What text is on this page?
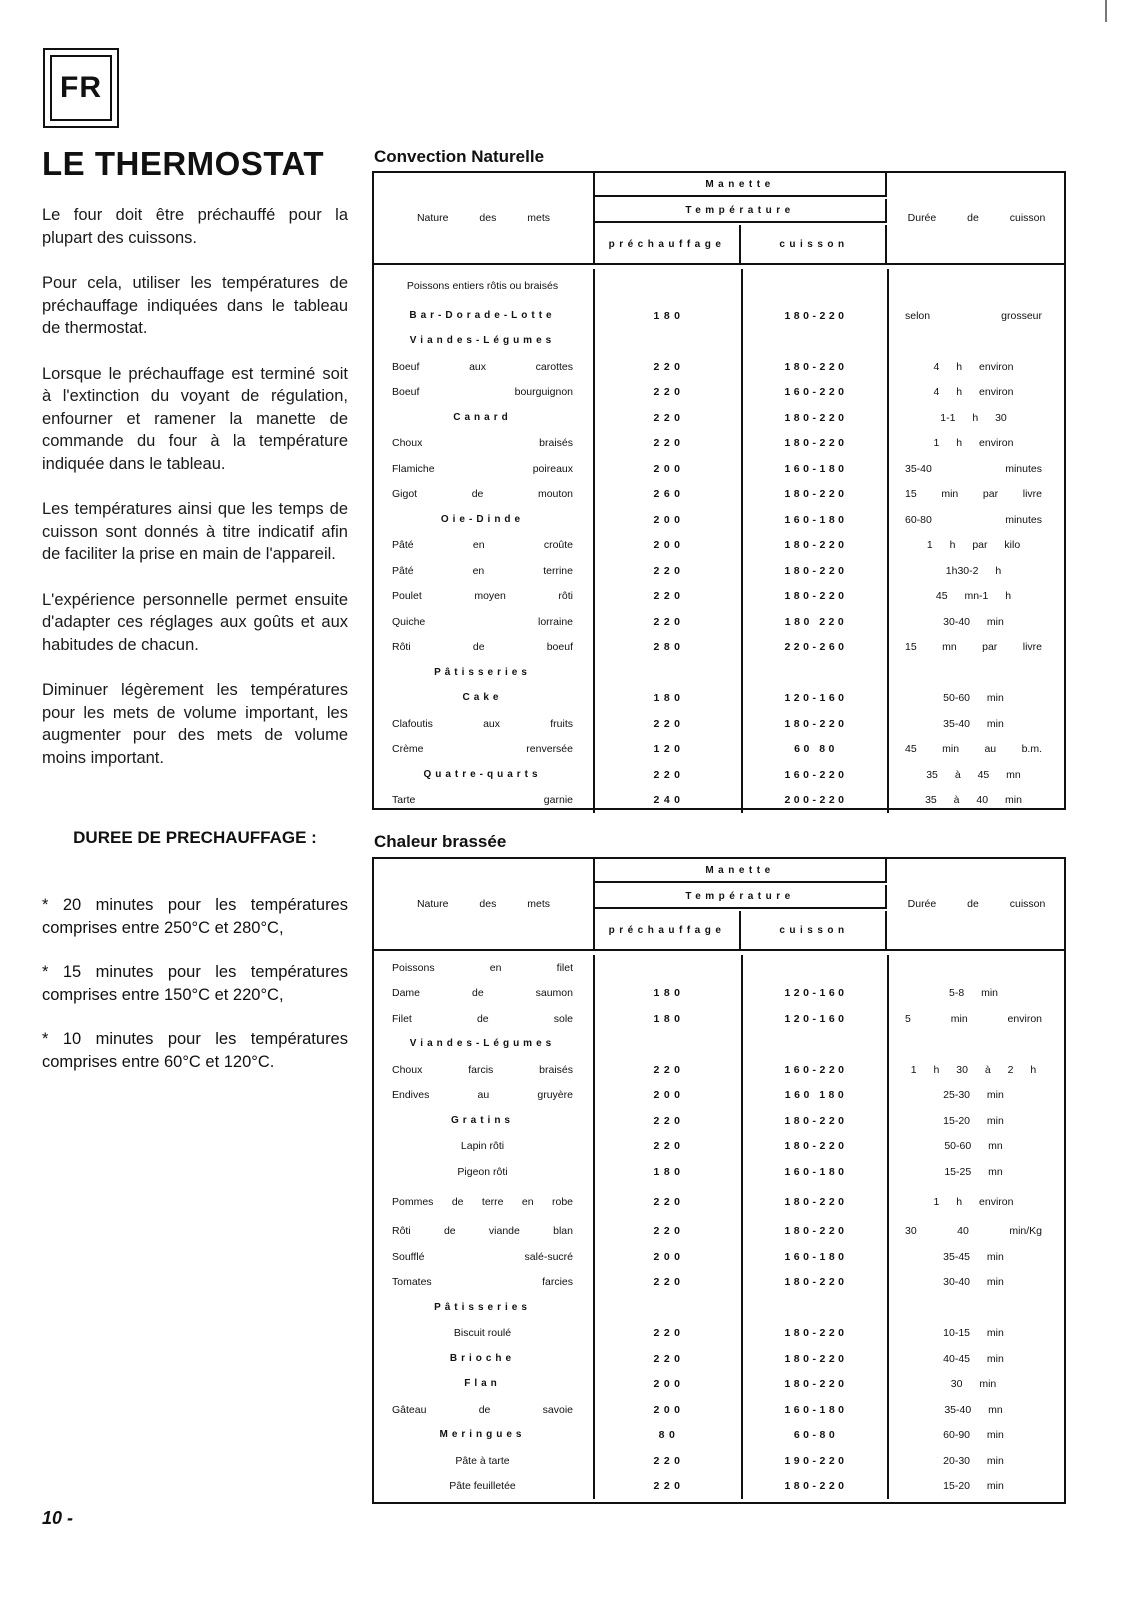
FR
LE THERMOSTAT

Le four doit être préchauffé pour la plupart des cuissons.

Pour cela, utiliser les températures de préchauffage indiquées dans le tableau de thermostat.

Lorsque le préchauffage est terminé soit à l'extinction du voyant de régulation, enfourner et ramener la manette de commande du four à la température indiquée dans le tableau.

Les températures ainsi que les temps de cuisson sont donnés à titre indicatif afin de faciliter la prise en main de l'appareil.

L'expérience personnelle permet ensuite d'adapter ces réglages aux goûts et aux habitudes de chacun.

Diminuer légèrement les températures pour les mets de volume important, les augmenter pour des mets de volume moins important.

DUREE DE PRECHAUFFAGE :

* 20 minutes pour les températures comprises entre 250°C et 280°C,

* 15 minutes pour les températures comprises entre 150°C et 220°C,

* 10 minutes pour les températures comprises entre 60°C et 120°C.

Convection Naturelle
Nature des mets
Manette
Température
préchauffage	cuisson
Durée de cuisson
Poissons entiers rôtis ou braisés
Bar-Dorade-Lotte	180	180-220	selon grosseur
Viandes-Légumes
Boeuf aux carottes	220	180-220	4 h environ
Boeuf bourguignon	220	160-220	4 h environ
Canard	220	180-220	1-1 h 30
Choux braisés	220	180-220	1 h environ
Flamiche poireaux	200	160-180	35-40 minutes
Gigot de mouton	260	180-220	15 min par livre
Oie-Dinde	200	160-180	60-80 minutes
Pâté en croûte	200	180-220	1 h par kilo
Pâté en terrine	220	180-220	1h30-2 h
Poulet moyen rôti	220	180-220	45 mn-1 h
Quiche lorraine	220	180 220	30-40 min
Rôti de boeuf	280	220-260	15 mn par livre
Pâtisseries
Cake	180	120-160	50-60 min
Clafoutis aux fruits	220	180-220	35-40 min
Crème renversée	120	60 80	45 min au b.m.
Quatre-quarts	220	160-220	35 à 45 mn
Tarte garnie	240	200-220	35 à 40 min
Chaleur brassée
Nature des mets
Manette
Température
préchauffage	cuisson
Durée de cuisson
Poissons en filet
Dame de saumon	180	120-160	5-8 min
Filet de sole	180	120-160	5 min environ
Viandes-Légumes
Choux farcis braisés	220	160-220	1 h 30 à 2 h
Endives au gruyère	200	160 180	25-30 min
Gratins	220	180-220	15-20 min
Lapin rôti	220	180-220	50-60 mn
Pigeon rôti	180	160-180	15-25 mn
Pommes de terre en robe	220	180-220	1 h environ
Rôti de viande blan	220	180-220	30 40 min/Kg
Soufflé salé-sucré	200	160-180	35-45 min
Tomates farcies	220	180-220	30-40 min
Pâtisseries
Biscuit roulé	220	180-220	10-15 min
Brioche	220	180-220	40-45 min
Flan	200	180-220	30 min
Gâteau de savoie	200	160-180	35-40 mn
Meringues	80	60-80	60-90 min
Pâte à tarte	220	190-220	20-30 min
Pâte feuilletée	220	180-220	15-20 min
10 -
